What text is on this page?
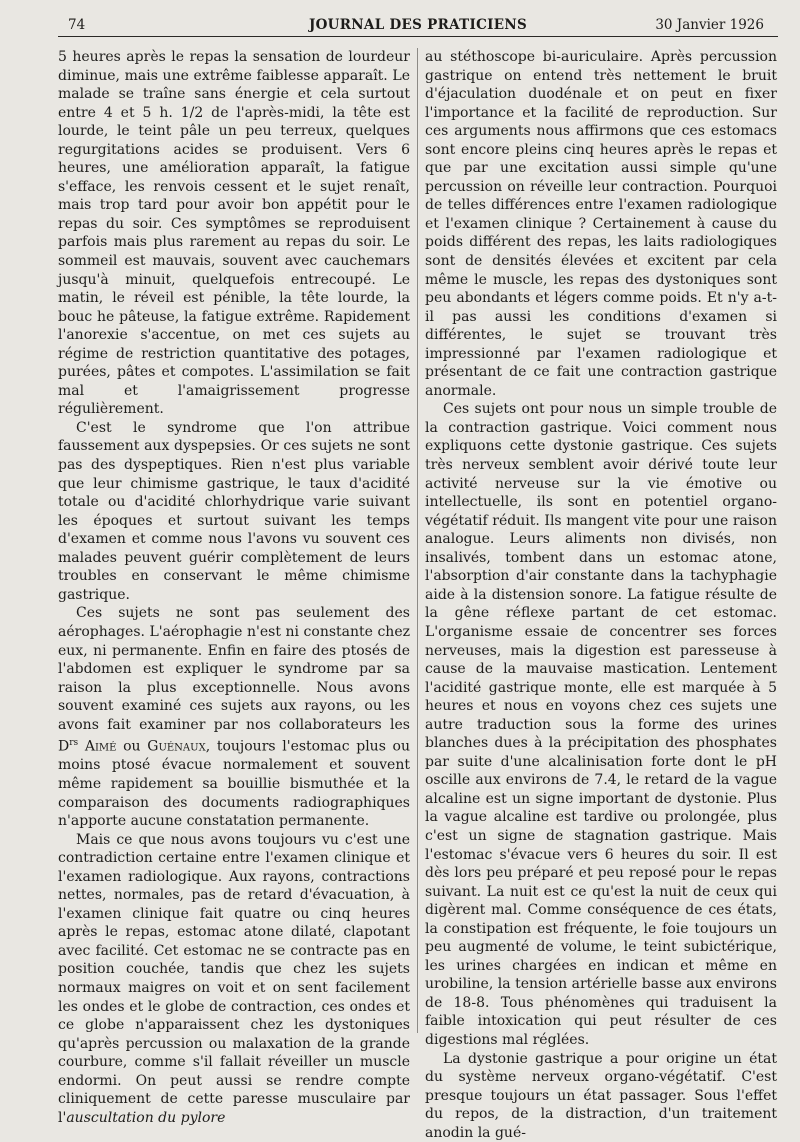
74	JOURNAL DES PRATICIENS	30 Janvier 1926

5 heures après le repas la sensation de lourdeur diminue, mais une extrême faiblesse apparaît. Le malade se traîne sans énergie et cela surtout entre 4 et 5 h. 1/2 de l'après-midi, la tête est lourde, le teint pâle un peu terreux, quelques regurgitations acides se produisent. Vers 6 heures, une amélioration apparaît, la fatigue s'efface, les renvois cessent et le sujet renaît, mais trop tard pour avoir bon appétit pour le repas du soir. Ces symptômes se reproduisent parfois mais plus rarement au repas du soir. Le sommeil est mauvais, souvent avec cauchemars jusqu'à minuit, quelquefois entrecoupé. Le matin, le réveil est pénible, la tête lourde, la bouc he pâteuse, la fatigue extrême. Rapidement l'anorexie s'accentue, on met ces sujets au régime de restriction quantitative des potages, purées, pâtes et compotes. L'assimilation se fait mal et l'amaigrissement progresse régulièrement.

C'est le syndrome que l'on attribue faussement aux dyspepsies. Or ces sujets ne sont pas des dyspeptiques. Rien n'est plus variable que leur chimisme gastrique, le taux d'acidité totale ou d'acidité chlorhydrique varie suivant les époques et surtout suivant les temps d'examen et comme nous l'avons vu souvent ces malades peuvent guérir complètement de leurs troubles en conservant le même chimisme gastrique.

Ces sujets ne sont pas seulement des aérophages. L'aérophagie n'est ni constante chez eux, ni permanente. Enfin en faire des ptosés de l'abdomen est expliquer le syndrome par sa raison la plus exceptionnelle. Nous avons souvent examiné ces sujets aux rayons, ou les avons fait examiner par nos collaborateurs les $D^{rs}$ Aimé ou Guénaux, toujours l'estomac plus ou moins ptosé évacue normalement et souvent même rapidement sa bouillie bismuthée et la comparaison des documents radiographiques n'apporte aucune constatation permanente.

Mais ce que nous avons toujours vu c'est une contradiction certaine entre l'examen clinique et l'examen radiologique. Aux rayons, contractions nettes, normales, pas de retard d'évacuation, à l'examen clinique fait quatre ou cinq heures après le repas, estomac atone dilaté, clapotant avec facilité. Cet estomac ne se contracte pas en position couchée, tandis que chez les sujets normaux maigres on voit et on sent facilement les ondes et le globe de contraction, ces ondes et ce globe n'apparaissent chez les dystoniques qu'après percussion ou malaxation de la grande courbure, comme s'il fallait réveiller un muscle endormi. On peut aussi se rendre compte cliniquement de cette paresse musculaire par l'auscultation du pylore

au stéthoscope bi-auriculaire. Après percussion gastrique on entend très nettement le bruit d'éjaculation duodénale et on peut en fixer l'importance et la facilité de reproduction. Sur ces arguments nous affirmons que ces estomacs sont encore pleins cinq heures après le repas et que par une excitation aussi simple qu'une percussion on réveille leur contraction. Pourquoi de telles différences entre l'examen radiologique et l'examen clinique ? Certainement à cause du poids différent des repas, les laits radiologiques sont de densités élevées et excitent par cela même le muscle, les repas des dystoniques sont peu abondants et légers comme poids. Et n'y a-t-il pas aussi les conditions d'examen si différentes, le sujet se trouvant très impressionné par l'examen radiologique et présentant de ce fait une contraction gastrique anormale.

Ces sujets ont pour nous un simple trouble de la contraction gastrique. Voici comment nous expliquons cette dystonie gastrique. Ces sujets très nerveux semblent avoir dérivé toute leur activité nerveuse sur la vie émotive ou intellectuelle, ils sont en potentiel organo-végétatif réduit. Ils mangent vite pour une raison analogue. Leurs aliments non divisés, non insalivés, tombent dans un estomac atone, l'absorption d'air constante dans la tachyphagie aide à la distension sonore. La fatigue résulte de la gêne réflexe partant de cet estomac. L'organisme essaie de concentrer ses forces nerveuses, mais la digestion est paresseuse à cause de la mauvaise mastication. Lentement l'acidité gastrique monte, elle est marquée à 5 heures et nous en voyons chez ces sujets une autre traduction sous la forme des urines blanches dues à la précipitation des phosphates par suite d'une alcalinisation forte dont le pH oscille aux environs de 7.4, le retard de la vague alcaline est un signe important de dystonie. Plus la vague alcaline est tardive ou prolongée, plus c'est un signe de stagnation gastrique. Mais l'estomac s'évacue vers 6 heures du soir. Il est dès lors peu préparé et peu reposé pour le repas suivant. La nuit est ce qu'est la nuit de ceux qui digèrent mal. Comme conséquence de ces états, la constipation est fréquente, le foie toujours un peu augmenté de volume, le teint subictérique, les urines chargées en indican et même en urobiline, la tension artérielle basse aux environs de 18-8. Tous phénomènes qui traduisent la faible intoxication qui peut résulter de ces digestions mal réglées.

La dystonie gastrique a pour origine un état du système nerveux organo-végétatif. C'est presque toujours un état passager. Sous l'effet du repos, de la distraction, d'un traitement anodin la gué-
